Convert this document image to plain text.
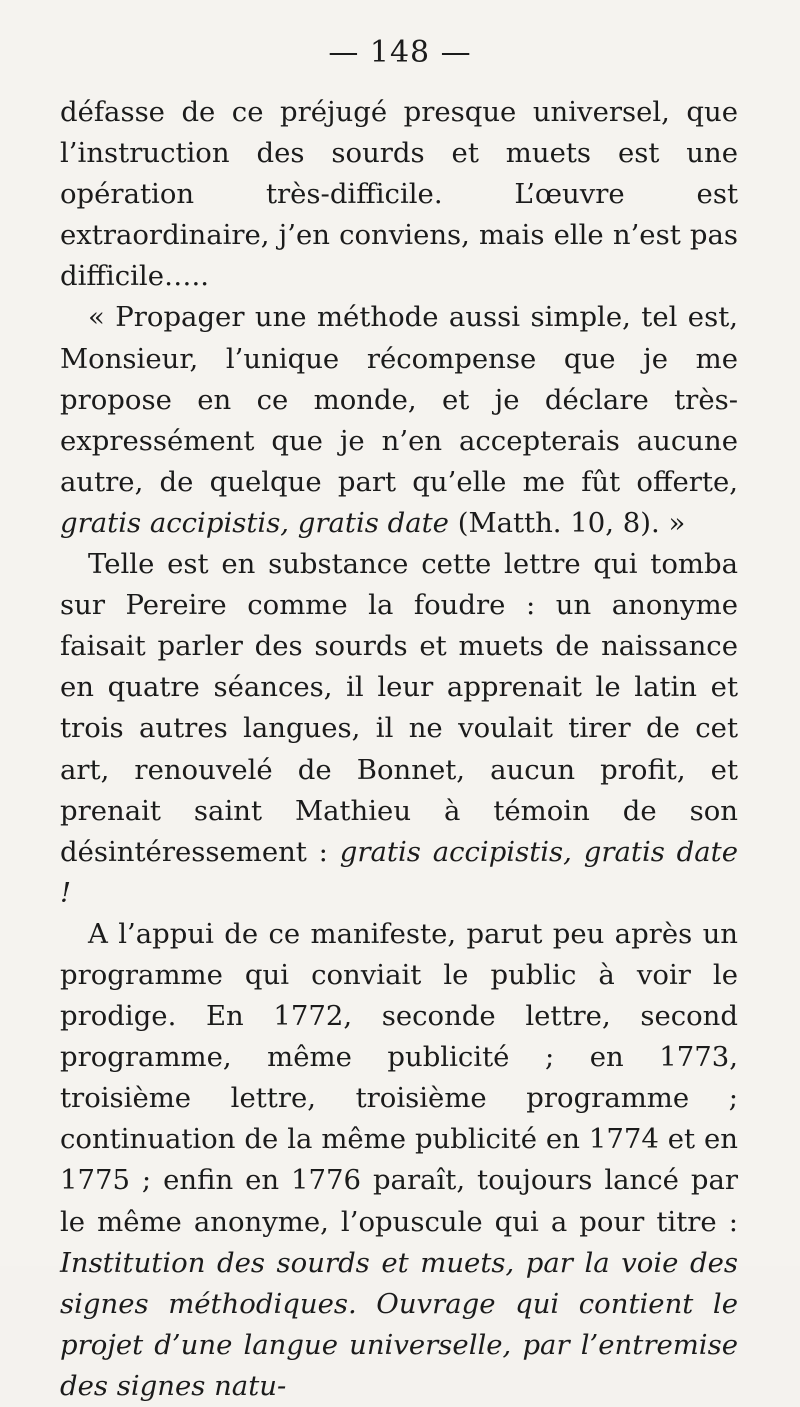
— 148 —

défasse de ce préjugé presque universel, que l’instruction des sourds et muets est une opération très-difficile. L’œuvre est extraordinaire, j’en conviens, mais elle n’est pas difficile…..

« Propager une méthode aussi simple, tel est, Monsieur, l’unique récompense que je me propose en ce monde, et je déclare très-expressément que je n’en accepterais aucune autre, de quelque part qu’elle me fût offerte, gratis accipistis, gratis date (Matth. 10, 8). »

Telle est en substance cette lettre qui tomba sur Pereire comme la foudre : un anonyme faisait parler des sourds et muets de naissance en quatre séances, il leur apprenait le latin et trois autres langues, il ne voulait tirer de cet art, renouvelé de Bonnet, aucun profit, et prenait saint Mathieu à témoin de son désintéressement : gratis accipistis, gratis date !

A l’appui de ce manifeste, parut peu après un programme qui conviait le public à voir le prodige. En 1772, seconde lettre, second programme, même publicité ; en 1773, troisième lettre, troisième programme ; continuation de la même publicité en 1774 et en 1775 ; enfin en 1776 paraît, toujours lancé par le même anonyme, l’opuscule qui a pour titre : Institution des sourds et muets, par la voie des signes méthodiques. Ouvrage qui contient le projet d’une langue universelle, par l’entremise des signes natu-
